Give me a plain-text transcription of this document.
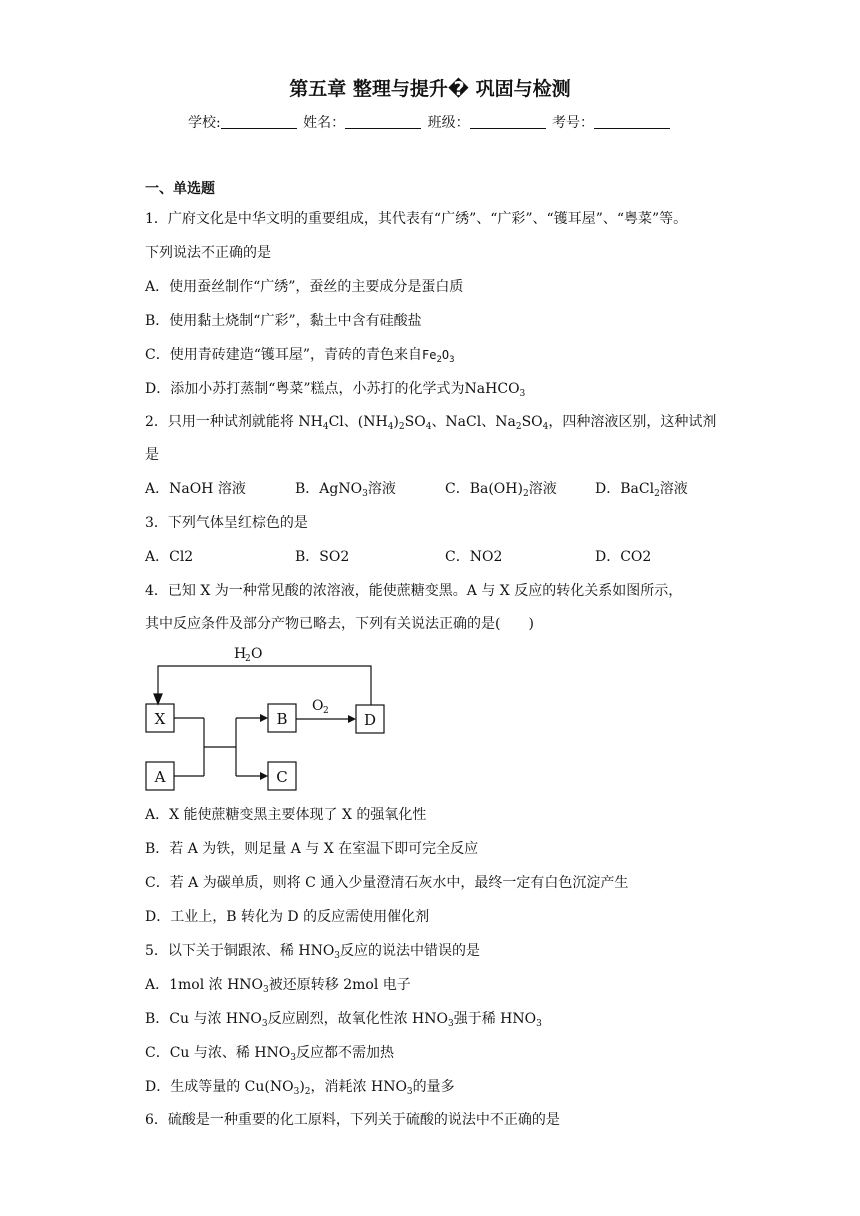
第五章 整理与提升� 巩固与检测
学校:	姓名：	班级：	考号：
一、单选题
1．广府文化是中华文明的重要组成，其代表有“广绣”、“广彩”、“镬耳屋”、“粤菜”等。
下列说法不正确的是
A．使用蚕丝制作“广绣”，蚕丝的主要成分是蛋白质
B．使用黏土烧制“广彩”，黏土中含有硅酸盐
C．使用青砖建造“镬耳屋”，青砖的青色来自$Fe_2O_3$
D．添加小苏打蒸制“粤菜”糕点，小苏打的化学式为NaHCO$_3$
2．只用一种试剂就能将 $NH_4Cl$、$(NH_4)_2SO_4$、NaCl、$Na_2SO_4$，四种溶液区别，这种试剂
是
A．NaOH 溶液	B．AgNO$_3$溶液	C．$Ba(OH)_2$溶液	D．BaCl$_2$溶液

3．下列气体呈红棕色的是
A．Cl2	B．SO2	C．NO2	D．CO2

4．已知 X 为一种常见酸的浓溶液，能使蔗糖变黑。A 与 X 反应的转化关系如图所示，
其中反应条件及部分产物已略去，下列有关说法正确的是(　　)
X
A
B
C
D
H
2 O
O 2
A．X 能使蔗糖变黑主要体现了 X 的强氧化性
B．若 A 为铁，则足量 A 与 X 在室温下即可完全反应
C．若 A 为碳单质，则将 C 通入少量澄清石灰水中，最终一定有白色沉淀产生
D．工业上，B 转化为 D 的反应需使用催化剂
5．以下关于铜跟浓、稀 $HNO_3$反应的说法中错误的是
A．1mol 浓 $HNO_3$被还原转移 2mol 电子
B．Cu 与浓 $HNO_3$反应剧烈，故氧化性浓 $HNO_3$强于稀 $HNO_3$
C．Cu 与浓、稀 $HNO_3$反应都不需加热
D．生成等量的 $Cu(NO_3)_2$，消耗浓 $HNO_3$的量多
6．硫酸是一种重要的化工原料，下列关于硫酸的说法中不正确的是
